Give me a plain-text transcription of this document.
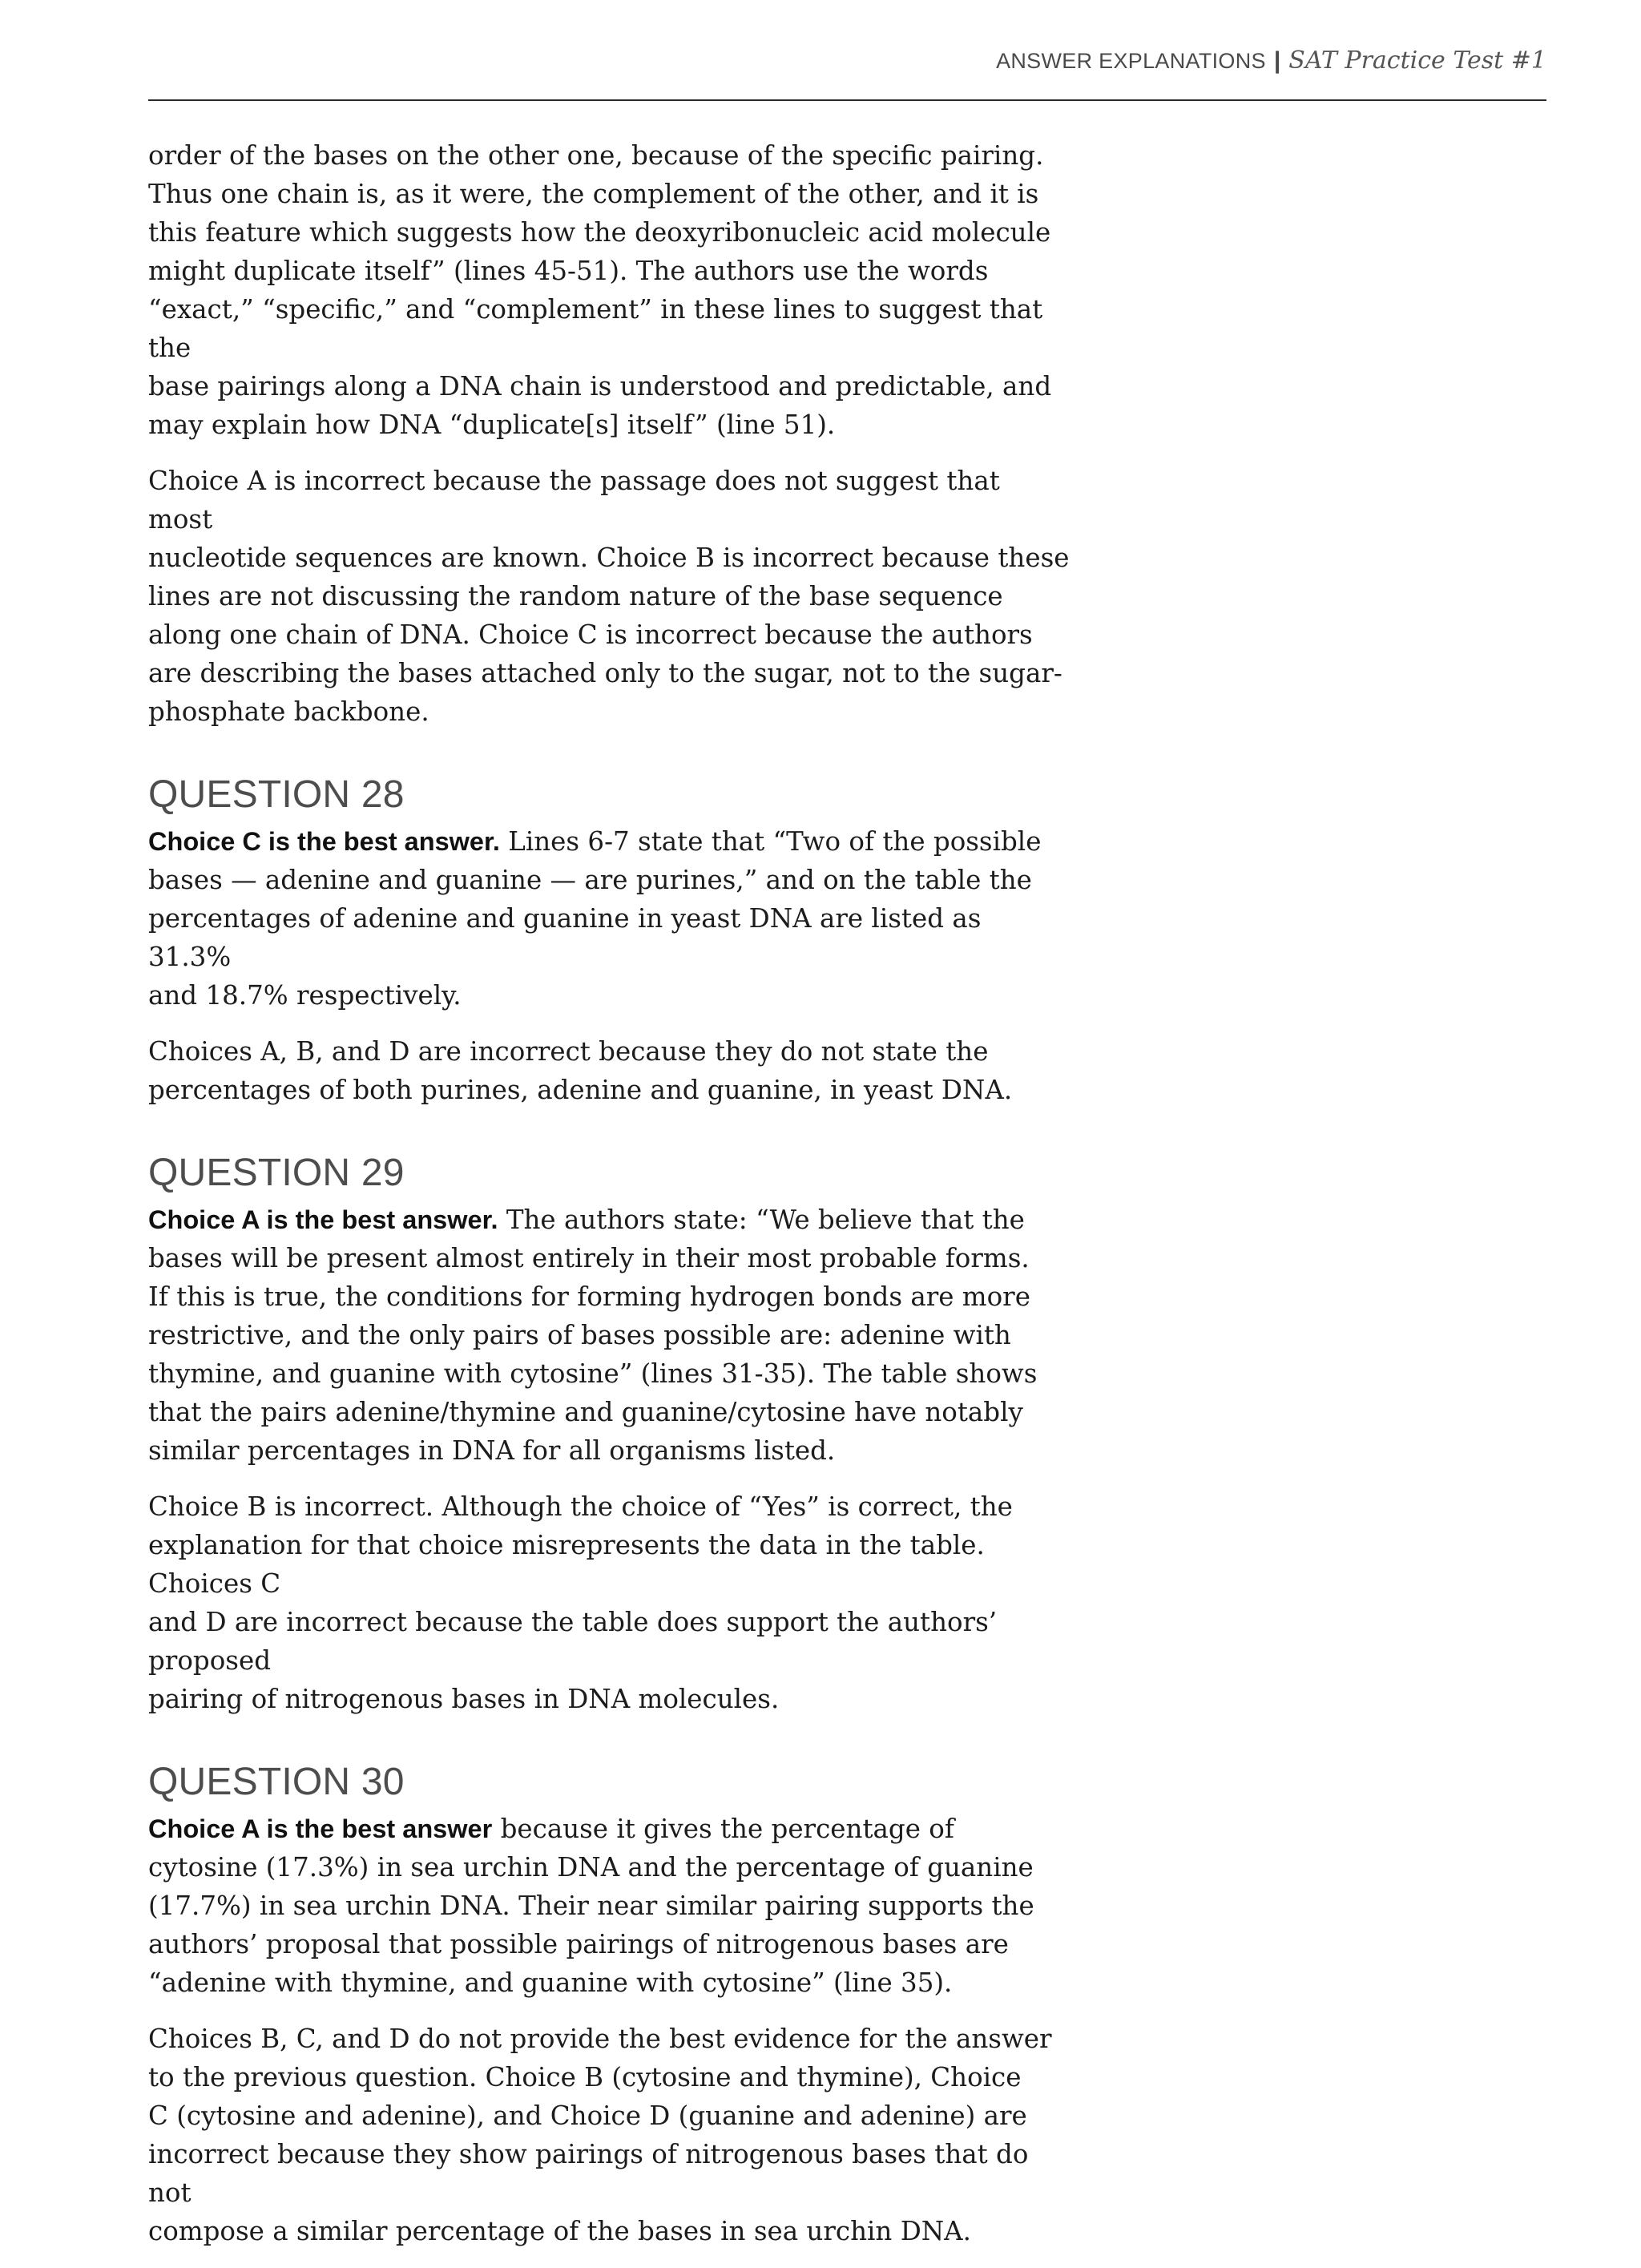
ANSWER EXPLANATIONS | SAT Practice Test #1

order of the bases on the other one, because of the specific pairing.
Thus one chain is, as it were, the complement of the other, and it is
this feature which suggests how the deoxyribonucleic acid molecule
might duplicate itself” (lines 45-51). The authors use the words
“exact,” “specific,” and “complement” in these lines to suggest that the
base pairings along a DNA chain is understood and predictable, and
may explain how DNA “duplicate[s] itself” (line 51).

Choice A is incorrect because the passage does not suggest that most
nucleotide sequences are known. Choice B is incorrect because these
lines are not discussing the random nature of the base sequence
along one chain of DNA. Choice C is incorrect because the authors
are describing the bases attached only to the sugar, not to the sugar-
phosphate backbone.

QUESTION 28

Choice C is the best answer. Lines 6-7 state that “Two of the possible
bases — adenine and guanine — are purines,” and on the table the
percentages of adenine and guanine in yeast DNA are listed as 31.3%
and 18.7% respectively.

Choices A, B, and D are incorrect because they do not state the
percentages of both purines, adenine and guanine, in yeast DNA.

QUESTION 29

Choice A is the best answer. The authors state: “We believe that the
bases will be present almost entirely in their most probable forms.
If this is true, the conditions for forming hydrogen bonds are more
restrictive, and the only pairs of bases possible are: adenine with
thymine, and guanine with cytosine” (lines 31-35). The table shows
that the pairs adenine/thymine and guanine/cytosine have notably
similar percentages in DNA for all organisms listed.

Choice B is incorrect. Although the choice of “Yes” is correct, the
explanation for that choice misrepresents the data in the table. Choices C
and D are incorrect because the table does support the authors’ proposed
pairing of nitrogenous bases in DNA molecules.

QUESTION 30

Choice A is the best answer because it gives the percentage of
cytosine (17.3%) in sea urchin DNA and the percentage of guanine
(17.7%) in sea urchin DNA. Their near similar pairing supports the
authors’ proposal that possible pairings of nitrogenous bases are
“adenine with thymine, and guanine with cytosine” (line 35).

Choices B, C, and D do not provide the best evidence for the answer
to the previous question. Choice B (cytosine and thymine), Choice
C (cytosine and adenine), and Choice D (guanine and adenine) are
incorrect because they show pairings of nitrogenous bases that do not
compose a similar percentage of the bases in sea urchin DNA.
